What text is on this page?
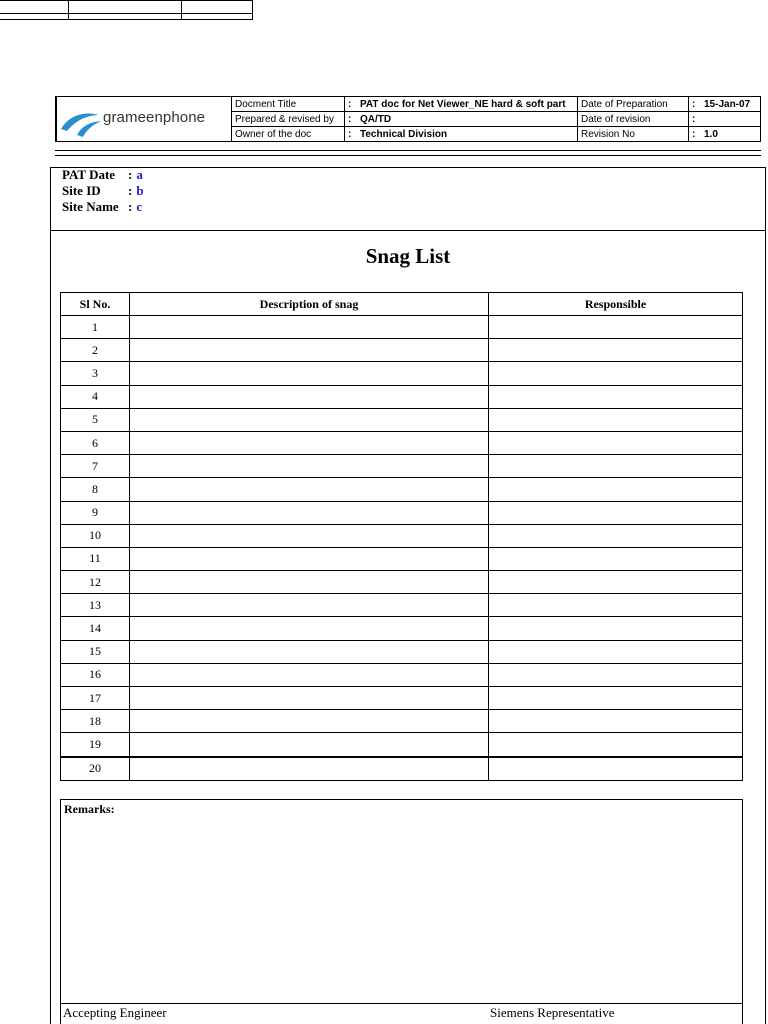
grameenphone	Docment Title	: PAT doc for Net Viewer_NE hard & soft part	Date of Preparation	: 15-Jan-07
	Prepared & revised by	: QA/TD	Date of revision	:
	Owner of the doc	: Technical Division	Revision No	: 1.0
PAT Date : a
Site ID	: b
Site Name : c
Snag List
Sl No.	Description of snag	Responsible
1		
2		
3		
4		
5		
6		
7		
8		
9		
10		
11		
12		
13		
14		
15		
16		
17		
18		
19		
20		
Remarks:
Accepting Engineer	Siemens Representative
